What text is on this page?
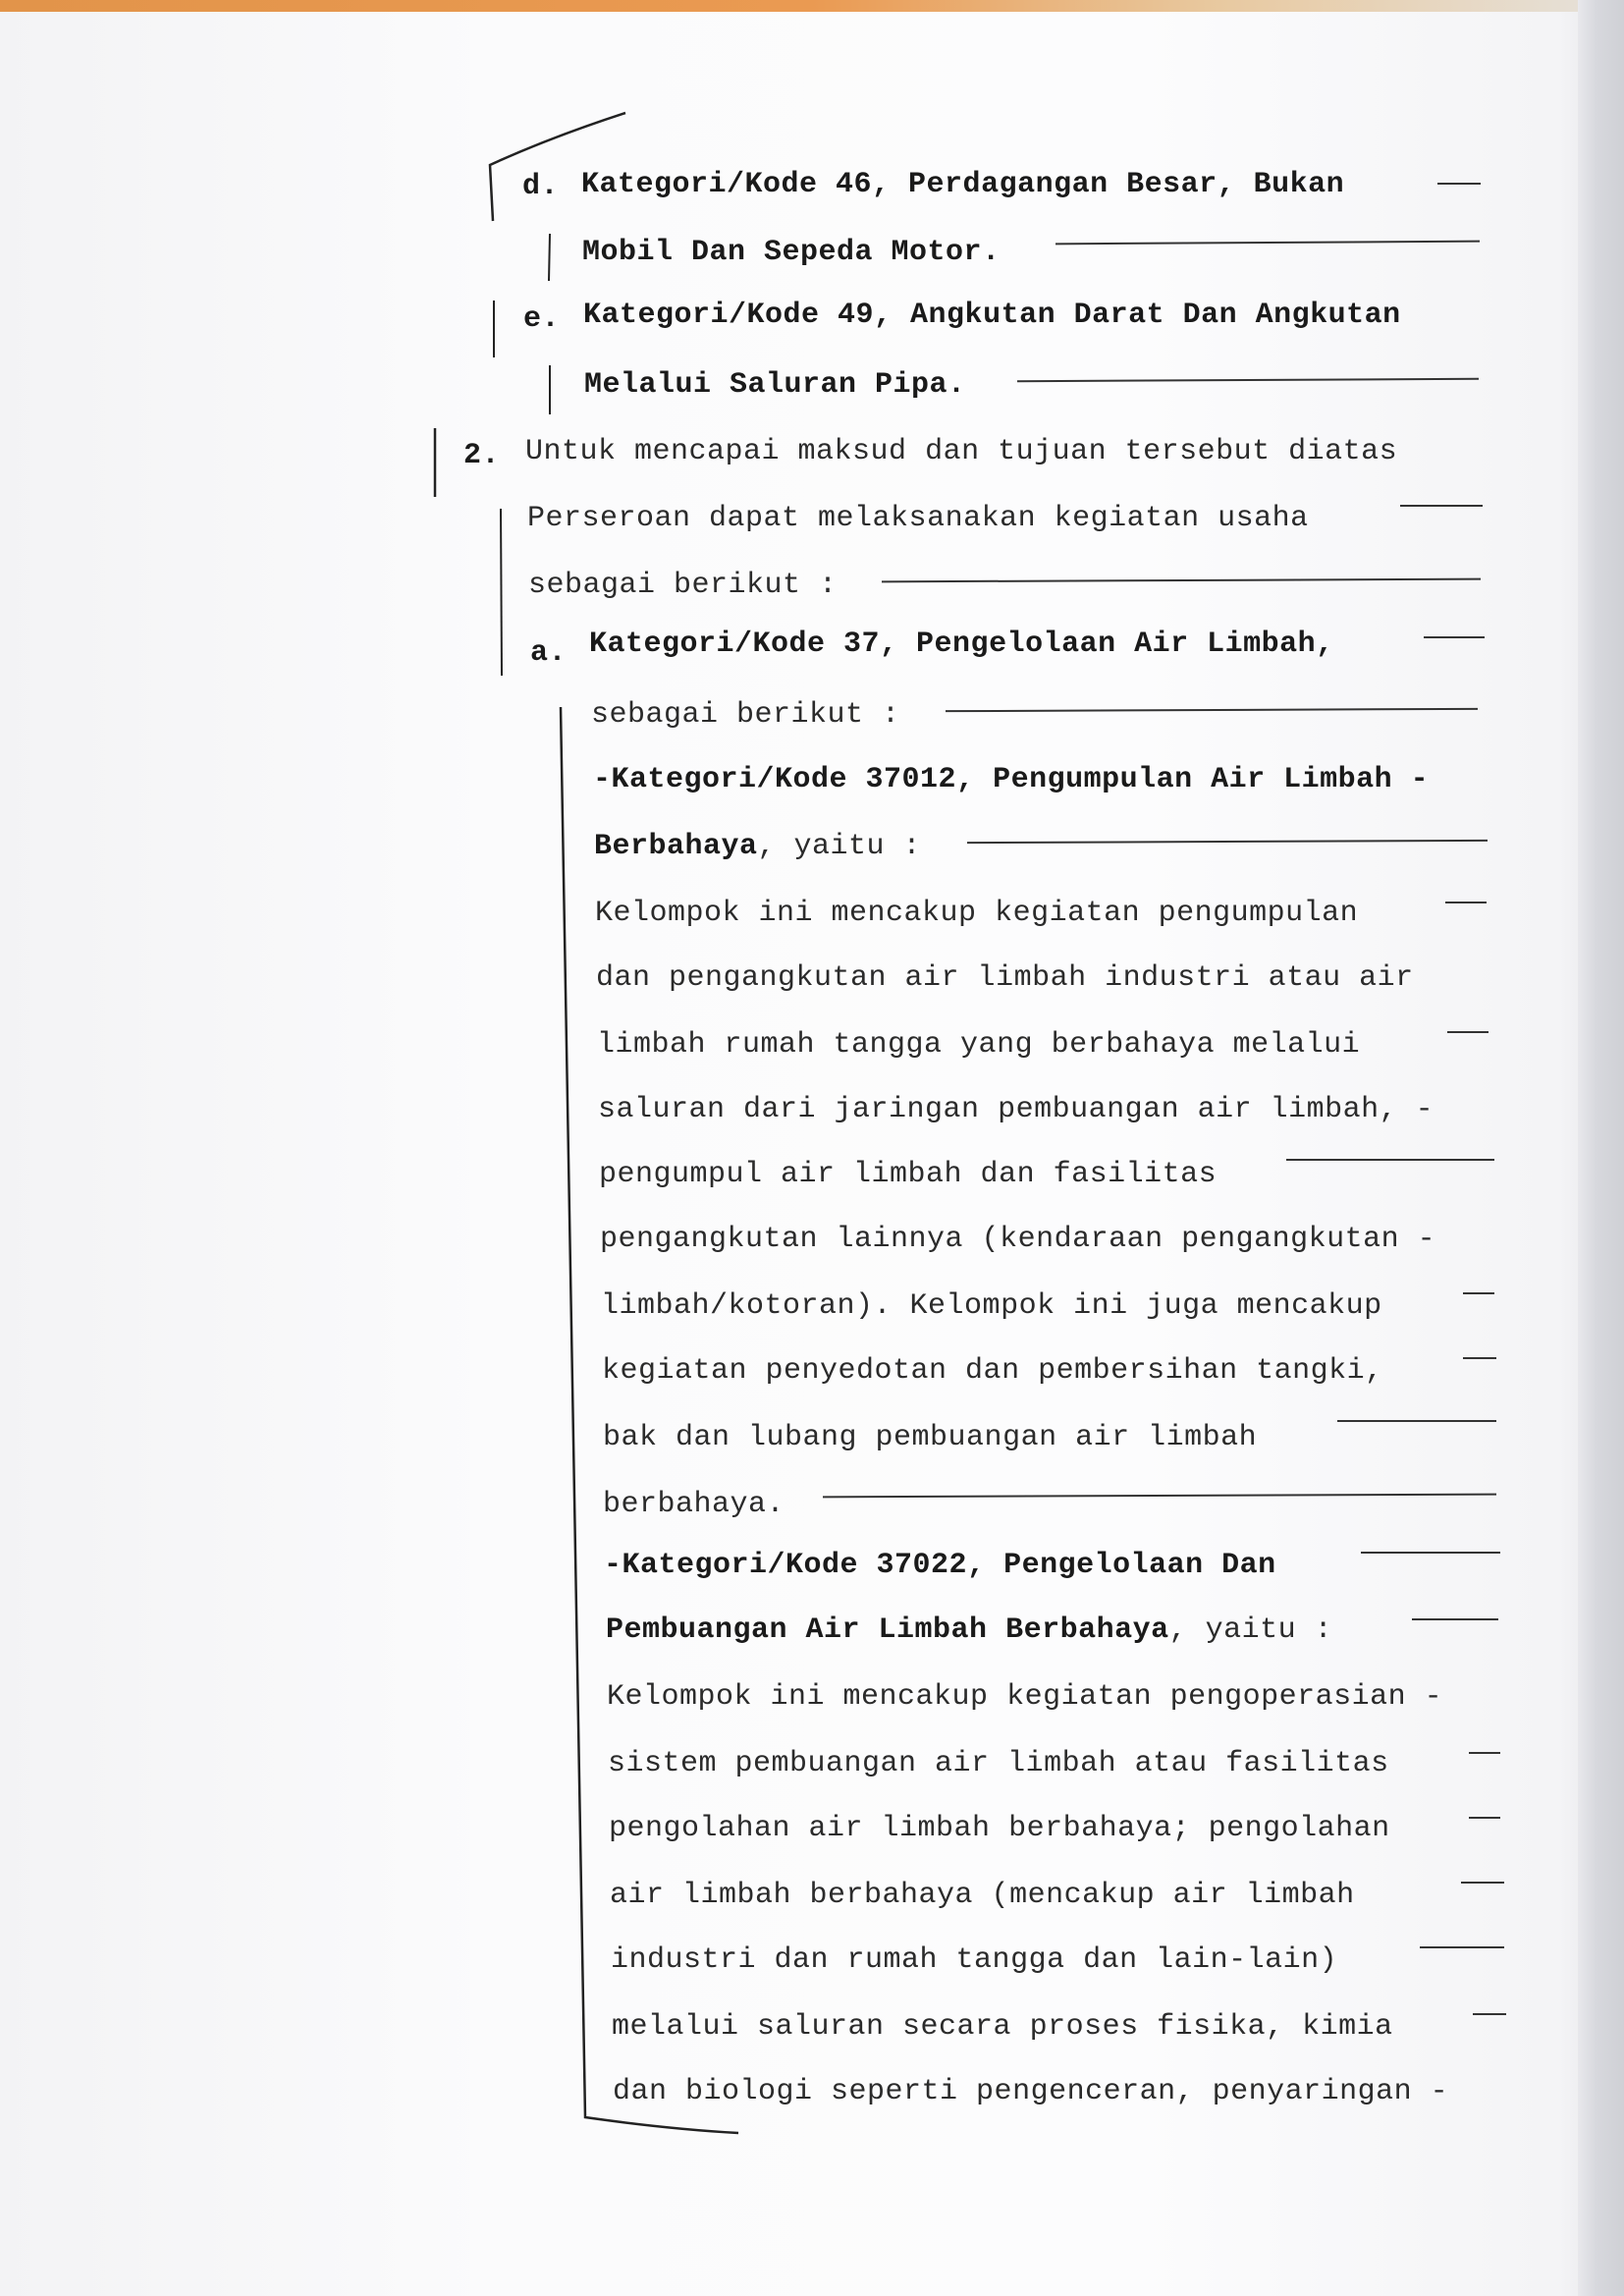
d. Kategori/Kode 46, Perdagangan Besar, Bukan
Mobil Dan Sepeda Motor.
e. Kategori/Kode 49, Angkutan Darat Dan Angkutan
Melalui Saluran Pipa.
2. Untuk mencapai maksud dan tujuan tersebut diatas
Perseroan dapat melaksanakan kegiatan usaha
sebagai berikut :
a. Kategori/Kode 37, Pengelolaan Air Limbah,
sebagai berikut :
-Kategori/Kode 37012, Pengumpulan Air Limbah -
Berbahaya, yaitu :
Kelompok ini mencakup kegiatan pengumpulan
dan pengangkutan air limbah industri atau air
limbah rumah tangga yang berbahaya melalui
saluran dari jaringan pembuangan air limbah, -
pengumpul air limbah dan fasilitas
pengangkutan lainnya (kendaraan pengangkutan -
limbah/kotoran). Kelompok ini juga mencakup
kegiatan penyedotan dan pembersihan tangki,
bak dan lubang pembuangan air limbah
berbahaya.
-Kategori/Kode 37022, Pengelolaan Dan
Pembuangan Air Limbah Berbahaya, yaitu :
Kelompok ini mencakup kegiatan pengoperasian -
sistem pembuangan air limbah atau fasilitas
pengolahan air limbah berbahaya; pengolahan
air limbah berbahaya (mencakup air limbah
industri dan rumah tangga dan lain-lain)
melalui saluran secara proses fisika, kimia
dan biologi seperti pengenceran, penyaringan -
